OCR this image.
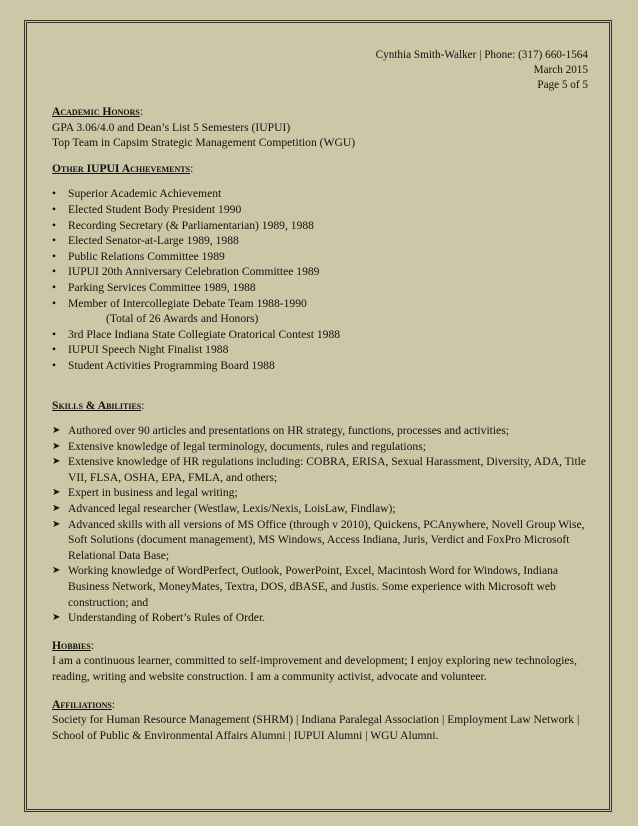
Cynthia Smith-Walker | Phone: (317) 660-1564
March 2015
Page 5 of 5
Academic Honors:
GPA 3.06/4.0 and Dean’s List 5 Semesters (IUPUI)
Top Team in Capsim Strategic Management Competition (WGU)
Other IUPUI Achievements:
• Superior Academic Achievement
• Elected Student Body President 1990
• Recording Secretary (& Parliamentarian) 1989, 1988
• Elected Senator-at-Large 1989, 1988
• Public Relations Committee 1989
• IUPUI 20th Anniversary Celebration Committee 1989
• Parking Services Committee 1989, 1988
• Member of Intercollegiate Debate Team 1988-1990
(Total of 26 Awards and Honors)
• 3rd Place Indiana State Collegiate Oratorical Contest 1988
• IUPUI Speech Night Finalist 1988
• Student Activities Programming Board 1988
Skills & Abilities:
➤ Authored over 90 articles and presentations on HR strategy, functions, processes and activities;
➤ Extensive knowledge of legal terminology, documents, rules and regulations;
➤ Extensive knowledge of HR regulations including: COBRA, ERISA, Sexual Harassment, Diversity, ADA, Title VII, FLSA, OSHA, EPA, FMLA, and others;
➤ Expert in business and legal writing;
➤ Advanced legal researcher (Westlaw, Lexis/Nexis, LoisLaw, Findlaw);
➤ Advanced skills with all versions of MS Office (through v 2010), Quickens, PCAnywhere, Novell Group Wise, Soft Solutions (document management), MS Windows, Access Indiana, Juris, Verdict and FoxPro Microsoft Relational Data Base;
➤ Working knowledge of WordPerfect, Outlook, PowerPoint, Excel, Macintosh Word for Windows, Indiana Business Network, MoneyMates, Textra, DOS, dBASE, and Justis. Some experience with Microsoft web construction; and
➤ Understanding of Robert’s Rules of Order.
Hobbies:

I am a continuous learner, committed to self-improvement and development; I enjoy exploring new technologies, reading, writing and website construction. I am a community activist, advocate and volunteer.

Affiliations:

Society for Human Resource Management (SHRM) | Indiana Paralegal Association | Employment Law Network | School of Public & Environmental Affairs Alumni | IUPUI Alumni | WGU Alumni.
